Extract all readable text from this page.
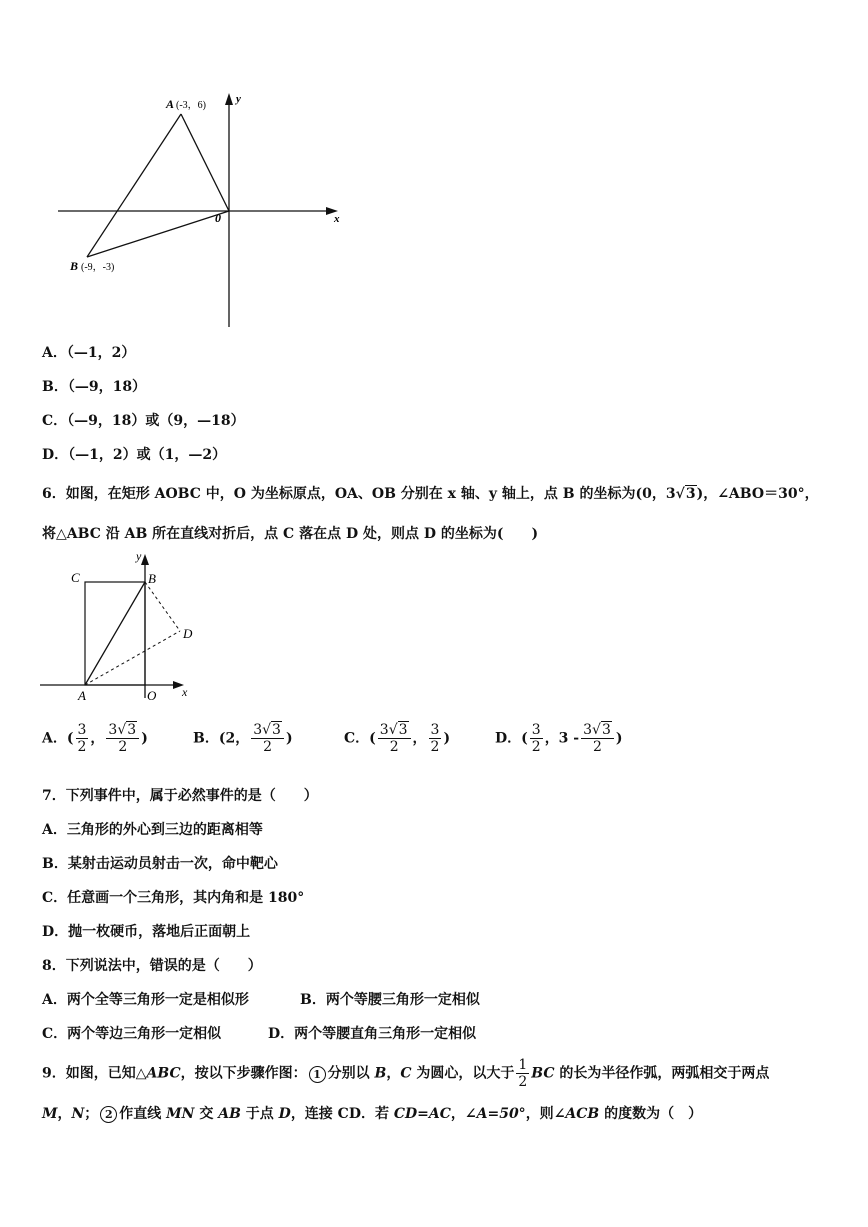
A (-3，6)
B (-9，-3)
0	x
y
A．（—1，2）
B．（—9，18）
C．（—9，18）或（9，—18）
D．（—1，2）或（1，—2）
6．如图，在矩形 AOBC 中，O 为坐标原点，OA、OB 分别在 x 轴、y 轴上，点 B 的坐标为(0，3√3)，∠ABO＝30°，
将△ABC 沿 AB 所在直线对折后，点 C 落在点 D 处，则点 D 的坐标为(　　)
C	B
D
A	O x
y
A．( $\frac{3}{2}$ ， $\frac{3√3}{2}$ )	B．(2， $\frac{3√3}{2}$ )	C．( $\frac{3√3}{2}$ ， $\frac{3}{2}$ )	D．( $\frac{3}{2}$ ，$3 - \frac{3√3}{2}$ )
7．下列事件中，属于必然事件的是（　　）
A．三角形的外心到三边的距离相等
B．某射击运动员射击一次，命中靶心
C．任意画一个三角形，其内角和是 180°
D．抛一枚硬币，落地后正面朝上
8．下列说法中，错误的是（　　）
A．两个全等三角形一定是相似形	B．两个等腰三角形一定相似
C．两个等边三角形一定相似	D．两个等腰直角三角形一定相似
9．如图，已知△ABC，按以下步骤作图： 1 分别以 B，C 为圆心，以大于 $\frac{1}{2}$ BC 的长为半径作弧，两弧相交于两点
M，N； 2 作直线 MN 交 AB 于点 D，连接 CD．若 CD=AC，∠A=50°，则∠ACB 的度数为（　）
